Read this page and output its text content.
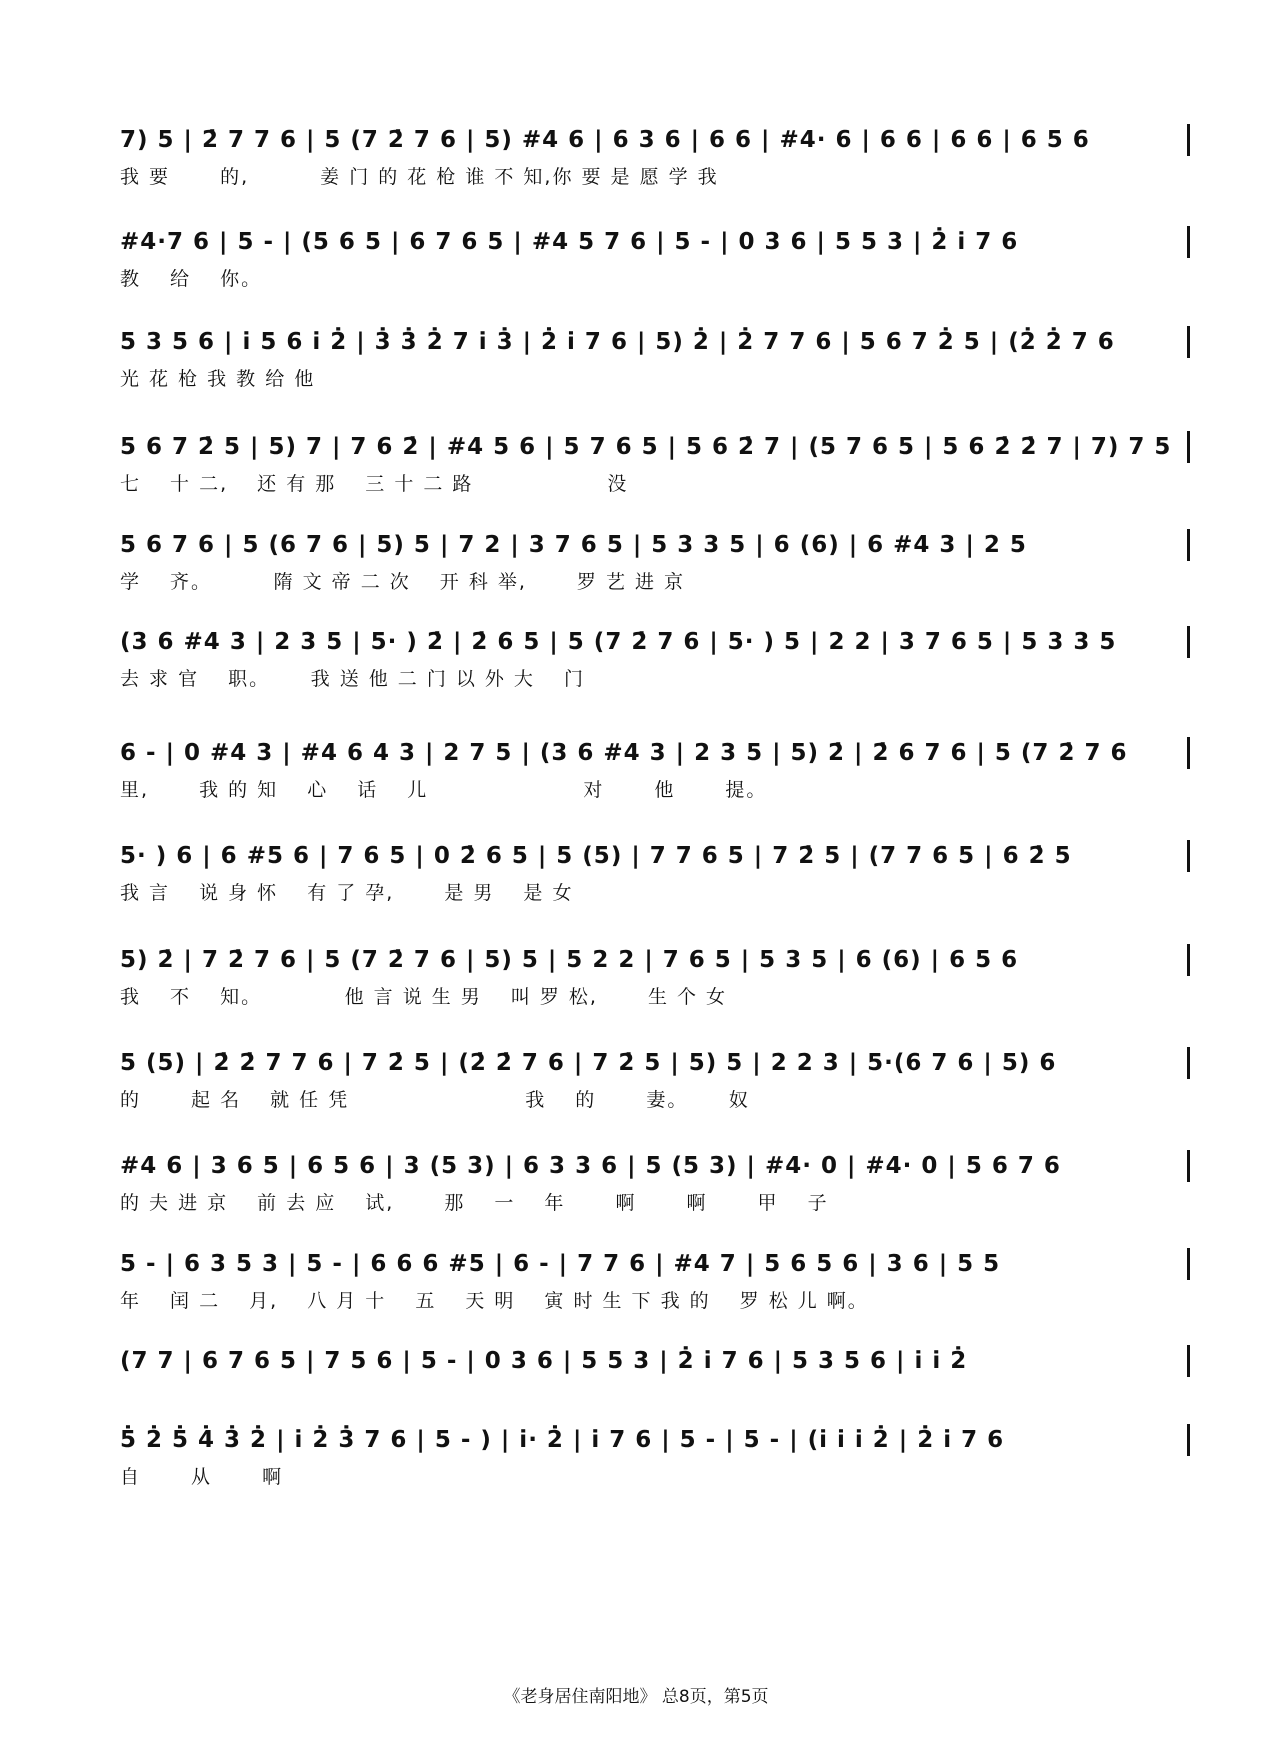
7) 5 | 2̇ 7 7 6 | 5 (7 2̇ 7 6 | 5) #4 6 | 6 3 6 | 6 6 | #4· 6 | 6 6 | 6 6 | 6 5 6
我 要　　 的,　　　 姜 门 的 花 枪 谁 不 知,你 要 是 愿 学 我
#4·7 6 | 5 - | (5 6 5 | 6 7 6 5 | #4 5 7 6 | 5 - | 0 3 6 | 5 5 3 | 2̇ i̇ 7 6
教　 给　 你。
5 3 5 6 | i̇ 5 6 i̇ 2̇ | 3̇ 3̇ 2̇ 7 i̇ 3̇ | 2̇ i̇ 7 6 | 5) 2̇ | 2̇ 7 7 6 | 5 6 7 2̇ 5 | (2̇ 2̇ 7 6
光 花 枪 我 教 给 他
5 6 7 2̇ 5 | 5) 7 | 7 6 2̇ | #4 5 6 | 5 7 6 5 | 5 6 2̇ 7 | (5 7 6 5 | 5 6 2̇ 2̇ 7 | 7) 7 5
七　 十 二,　 还 有 那　 三 十 二 路　　　　　　 没
5 6 7 6 | 5 (6 7 6 | 5) 5 | 7 2 | 3 7 6 5 | 5 3 3 5 | 6 (6) | 6 #4 3 | 2 5
学　 齐。　　　 隋 文 帝 二 次　 开 科 举,　　 罗 艺 进 京
(3 6 #4 3 | 2 3 5 | 5· ) 2̇ | 2̇ 6 5 | 5 (7 2̇ 7 6 | 5· ) 5 | 2 2 | 3 7 6 5 | 5 3 3 5
去 求 官　 职。　　 我 送 他 二 门 以 外 大　 门
6 - | 0 #4 3 | #4 6 4 3 | 2 7 5 | (3 6 #4 3 | 2 3 5 | 5) 2̇ | 2̇ 6 7 6 | 5 (7 2̇ 7 6
里,　　 我 的 知　 心　 话　 儿　　　　　　　 对　　 他　　 提。
5· ) 6 | 6 #5 6 | 7 6 5 | 0 2̇ 6 5 | 5 (5) | 7 7 6 5 | 7 2̇ 5 | (7 7 6 5 | 6 2̇ 5
我 言　 说 身 怀　 有 了 孕,　　 是 男　 是 女
5) 2̇ | 7 2̇ 7 6 | 5 (7 2̇ 7 6 | 5) 5 | 5 2 2 | 7 6 5 | 5 3 5 | 6 (6) | 6 5 6
我　 不　 知。　　　　 他 言 说 生 男　 叫 罗 松,　　 生 个 女
5 (5) | 2̇ 2̇ 7 7 6 | 7 2̇ 5 | (2̇ 2̇ 7 6 | 7 2̇ 5 | 5) 5 | 2 2 3 | 5·(6 7 6 | 5) 6
的　　 起 名　 就 任 凭　　　　　　　　 我　 的　　 妻。　　 奴
#4 6 | 3 6 5 | 6 5 6 | 3 (5 3) | 6 3 3 6 | 5 (5 3) | #4· 0 | #4· 0 | 5 6 7 6
的 夫 进 京　 前 去 应　 试,　　 那　 一　 年　　 啊　　 啊　　 甲　 子
5 - | 6 3 5 3 | 5 - | 6 6 6 #5 | 6 - | 7 7 6 | #4 7 | 5 6 5 6 | 3 6 | 5 5
年　 闰 二　 月,　 八 月 十　 五　 天 明　 寅 时 生 下 我 的　 罗 松 儿 啊。
(7 7 | 6 7 6 5 | 7 5 6 | 5 - | 0 3 6 | 5 5 3 | 2̇ i̇ 7 6 | 5 3 5 6 | i̇ i̇ 2̇
5̇ 2̇ 5̇ 4̇ 3̇ 2̇ | i̇ 2̇ 3̇ 7 6 | 5 - ) | i̇· 2̇ | i̇ 7 6 | 5 - | 5 - | (i̇ i̇ i̇ 2̇ | 2̇ i̇ 7 6
自　　 从　　 啊
《老身居住南阳地》 总8页，第5页
